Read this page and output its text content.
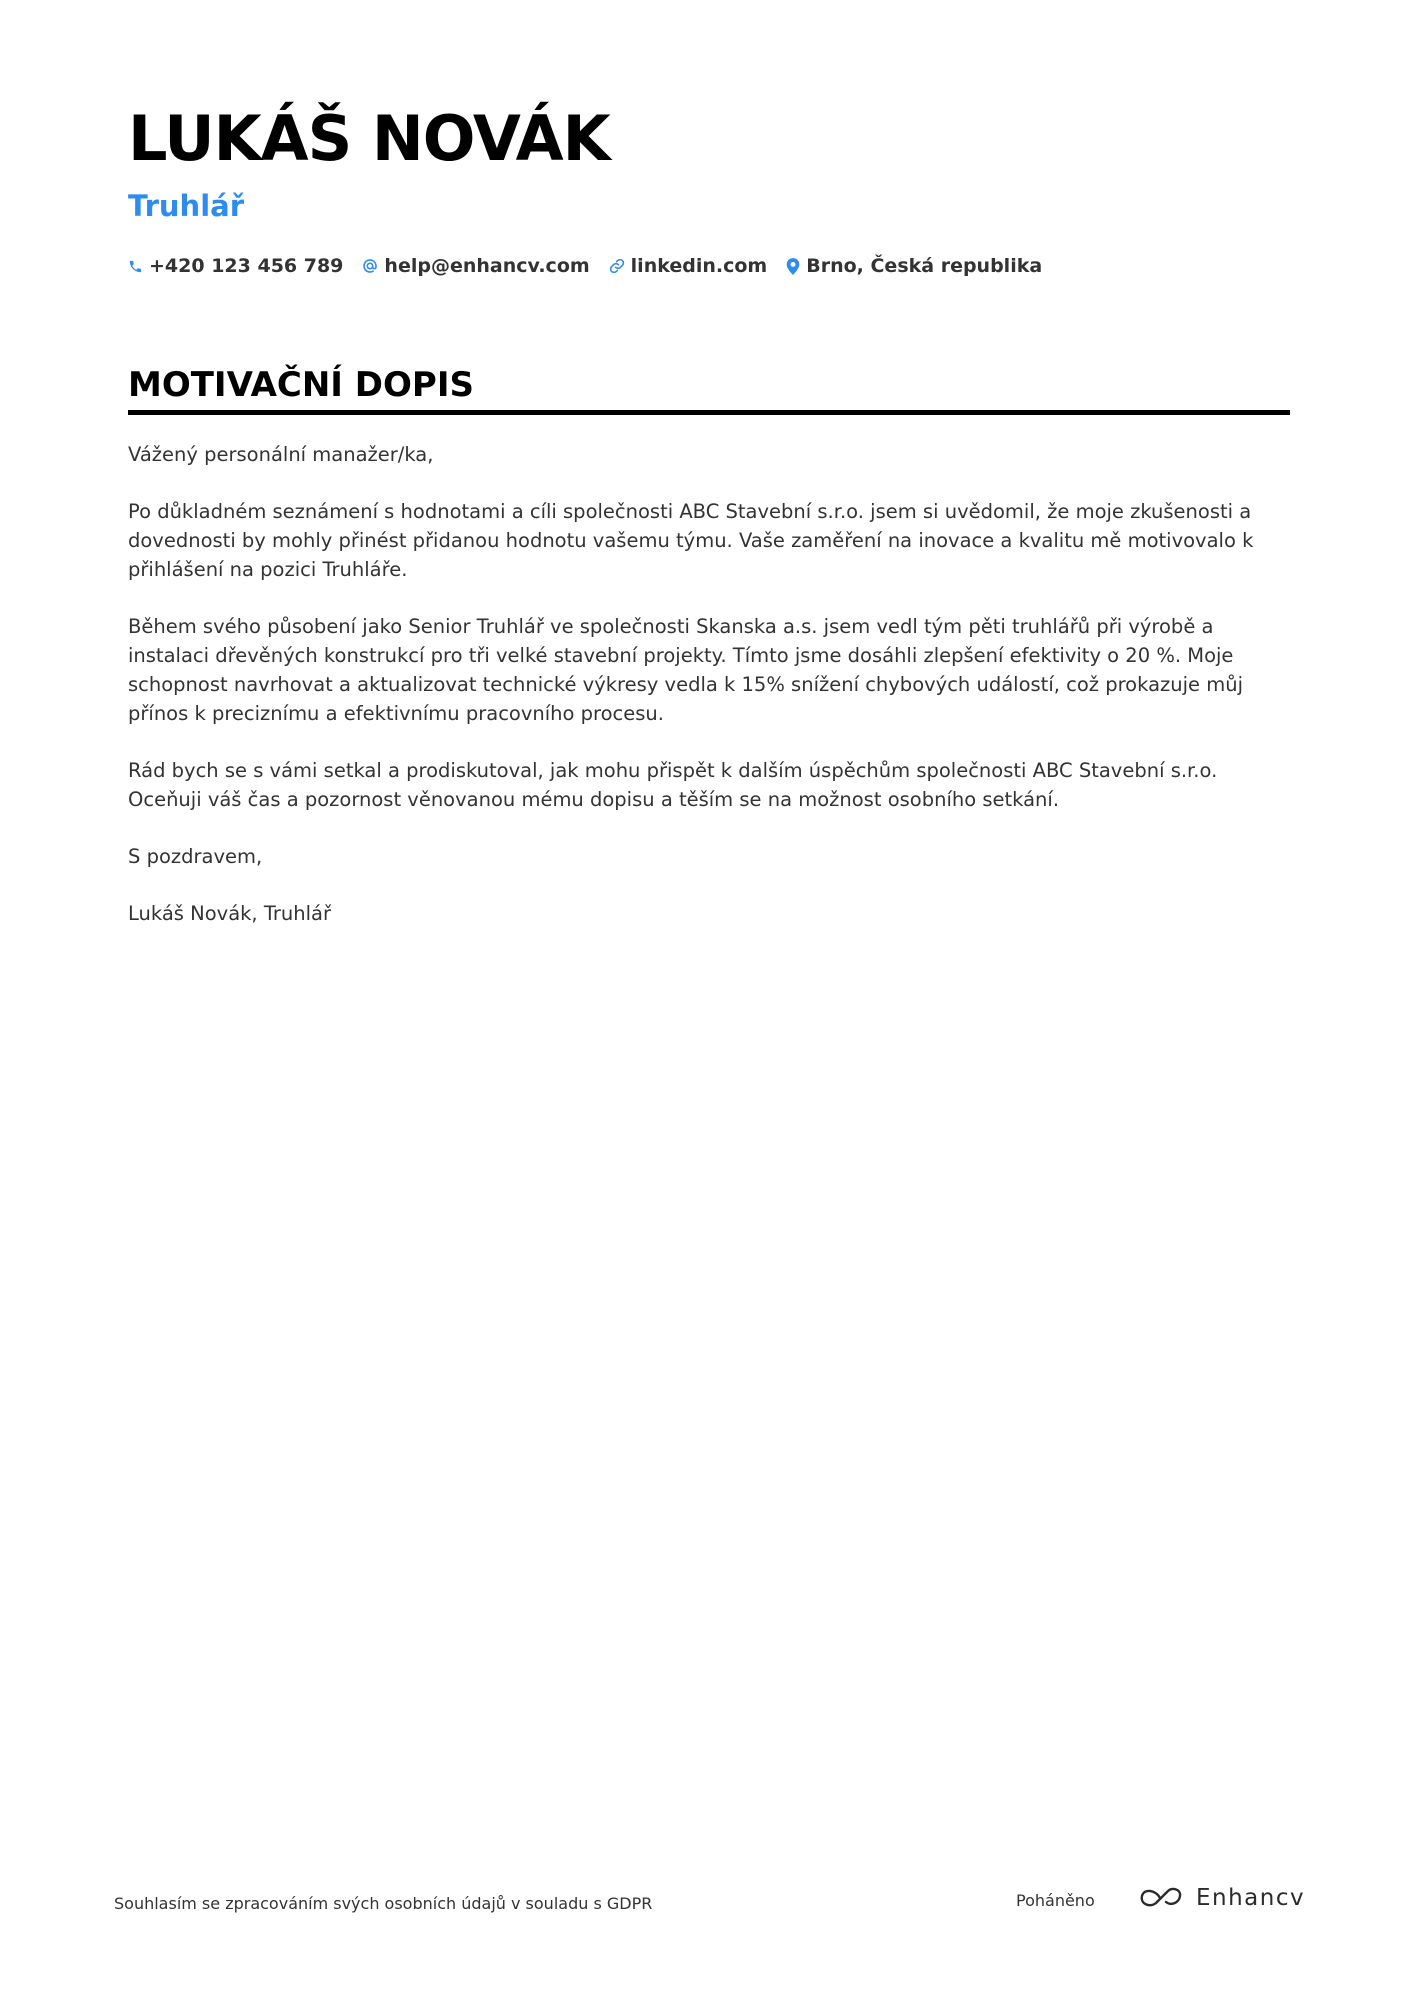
LUKÁŠ NOVÁK
Truhlář
+420 123 456 789 help@enhancv.com linkedin.com Brno, Česká republika
MOTIVAČNÍ DOPIS

Vážený personální manažer/ka,

Po důkladném seznámení s hodnotami a cíli společnosti ABC Stavební s.r.o. jsem si uvědomil, že moje zkušenosti a dovednosti by mohly přinést přidanou hodnotu vašemu týmu. Vaše zaměření na inovace a kvalitu mě motivovalo k přihlášení na pozici Truhláře.

Během svého působení jako Senior Truhlář ve společnosti Skanska a.s. jsem vedl tým pěti truhlářů při výrobě a instalaci dřevěných konstrukcí pro tři velké stavební projekty. Tímto jsme dosáhli zlepšení efektivity o 20 %. Moje schopnost navrhovat a aktualizovat technické výkresy vedla k 15% snížení chybových událostí, což prokazuje můj přínos k preciznímu a efektivnímu pracovního procesu.

Rád bych se s vámi setkal a prodiskutoval, jak mohu přispět k dalším úspěchům společnosti ABC Stavební s.r.o. Oceňuji váš čas a pozornost věnovanou mému dopisu a těším se na možnost osobního setkání.

S pozdravem,

Lukáš Novák, Truhlář

Souhlasím se zpracováním svých osobních údajů v souladu s GDPR	Poháněno	Enhancv
